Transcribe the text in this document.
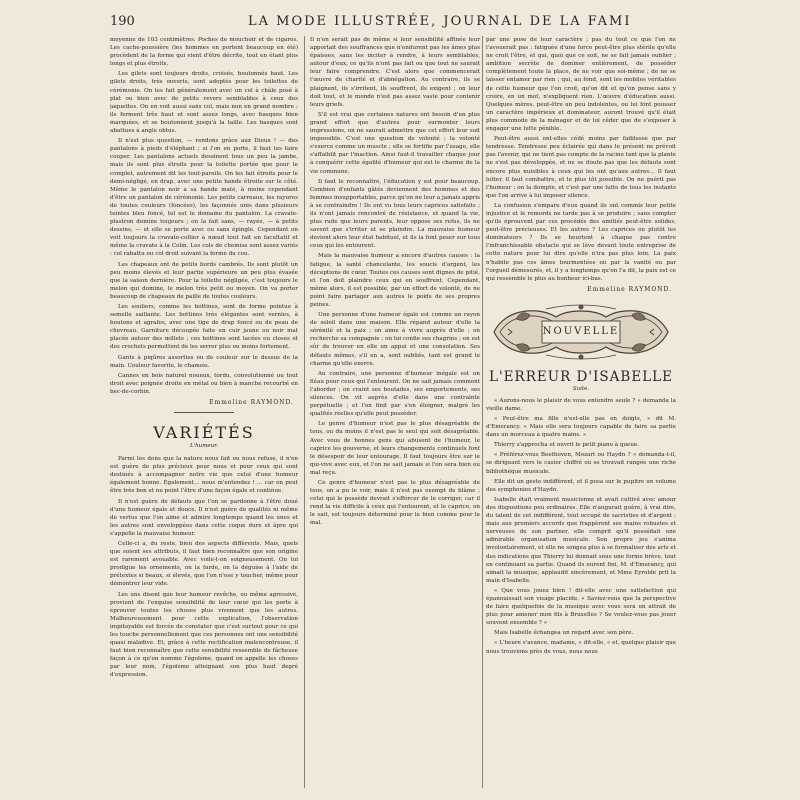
190	LA MODE ILLUSTRÉE, JOURNAL DE LA FAMI

moyenne de 103 centimètres. Poches de mouchoir et de cigares. Les cache-poussière (les hommes en portent beaucoup en été) procèdent de la forme qui vient d'être décrite, tout en étant plus longs et plus étroits.

Les gilets sont toujours droits, croisés, boutonnés haut. Les gilets droits, très ouverts, sont adoptés pour les toilettes de cérémonie. On les fait généralement avec un col à châle posé à plat ou bien avec de petits revers semblables à ceux des jaquettes. On en voit aussi sans col, mais non en grand nombre ; ils ferment très haut et sont assez longs, avec basques bien marquées, et se boutonnent jusqu'à la taille. Les basques sont abattues à angle obtus.

Il n'est plus question, — rendons grâce aux Dieux ! — des pantalons à pieds d'éléphant ; si l'on en porte, il faut les faire couper. Les pantalons actuels dessinent tous un peu la jambe, mais ils sont plus étroits pour la toilette portée que pour le complet, autrement dit les tout-pareils. On les fait étroits pour le demi-négligé, en drap, avec une petite bande étroite sur le côté. Même le pantalon noir a sa bande mate, à moins cependant d'être un pantalon de cérémonie. Les petits carreaux, les rayures de toutes couleurs (foncées), les façonnés unis dans plusieurs teintes bleu foncé, tel est le domaine du pantalon. La cravate-plastron domine toujours ; on la fait sans, — rayée, — à petits dessins, — et elle se porte avec ou sans épingle. Cependant on voit toujours la cravate-collier à nœud tout fait en facultatif et même la cravate à la Colin. Les cols de chemise sont assez variés : col rabattu ou col droit suivant la forme du cou.

Les chapeaux ont de petits bords cambrés. Ils sont plutôt un peu moins élevés et leur partie supérieure un peu plus évasée que la saison dernière. Pour la toilette négligée, c'est toujours le melon qui domine, le melon très petit ou moyen. On va porter beaucoup de chapeaux de paille de toutes couleurs.

Les souliers, comme les bottines, sont de forme pointue à semelle saillante. Les bottines très élégantes sont vernies, à boutons et agrafes, avec une tige de drap foncé ou de peau de chevreau. Garniture découpée faite en cuir jaune ou noir mat placée autour des œillets ; ces bottines sont lacées ou closes et des crochets permettent de les serrer plus ou moins fortement.

Gants à piqûres assorties ou de couleur sur le dessus de la main. Couleur favorite, le chamois.

Cannes en bois naturel noueux, tordu, convolutionné ou tout droit avec poignée droite en métal ou bien à manche recourbé en bec-de-corbin.

Emmeline RAYMOND.
VARIÉTÉS
L'humeur.

Parmi les dons que la nature nous fait ou nous refuse, il n'en est guère de plus précieux pour nous et pour ceux qui sont destinés à accompagner notre vie que celui d'une humeur également bonne. Également… nous m'entendez ! … car on peut être très bon et ne point l'être d'une façon égale et continue.

Il n'est guère de défauts que l'on se pardonne à l'être doué d'une humeur égale et douce. Il n'est guère de qualités ni même de vertus que l'on aime et admire longtemps quand les unes et les autres sont enveloppées dans cette coque dure et âpre qui s'appelle la mauvaise humeur.

Celle-ci a, du reste, bien des aspects différents. Mais, quels que soient ses attributs, il faut bien reconnaître que son origine est rarement avouable. Avec voile-t-on soigneusement. On lui prodigue les ornements, on la farde, on la déguise à l'aide de prétextes si beaux, si élevés, que l'on n'ose y toucher, même pour démontrer leur vide.

Les uns disent que leur humeur revêche, ou même agressive, provient de l'exquise sensibilité de leur cœur qui les porte à éprouver toutes les choses plus vivement que les autres. Malheureusement pour cette explication, l'observation impitoyable est forcée de constater que c'est surtout pour ce qui les touche personnellement que ces personnes ont une sensibilité quasi maladive. Et, grâce à cette rectification malencontreuse, il faut bien reconnaître que cette sensibilité ressemble de fâcheuse façon à ce qu'on nomme l'égoïsme, quand on appelle les choses par leur nom, l'égoïsme atteignant son plus haut degré d'expression.

Il n'en serait pas de même si leur sensibilité affinée leur apportait des souffrances que n'endurent pas les âmes plus épaisses, sans les inciter à rendre, à leurs semblables, autour d'eux, ce qu'ils n'ont pas fait ou que tout ne saurait leur faire comprendre. C'est alors que commencerait l'œuvre de charité et d'abnégation. Au contraire, ils se plaignent, ils s'irritent, ils souffrent, ils exigent ; on leur doit tout, et le monde n'est pas assez vaste pour contenir leurs griefs.

S'il est vrai que certaines natures ont besoin d'un plus grand effort que d'autres pour surmonter leurs impressions, on ne saurait admettre que cet effort leur soit impossible. C'est une question de volonté ; la volonté s'exerce comme un muscle ; elle se fortifie par l'usage, elle s'affaiblit par l'inaction. Ainsi faut-il travailler chaque jour à conquérir cette égalité d'humeur qui est le charme de la vie commune.

Il faut le reconnaître, l'éducation y est pour beaucoup. Combien d'enfants gâtés deviennent des hommes et des femmes insupportables, parce qu'on ne leur a jamais appris à se contraindre ! Ils ont vu tous leurs caprices satisfaits ; ils n'ont jamais rencontré de résistance, et quand la vie, plus rude que leurs parents, leur oppose ses refus, ils ne savent que s'irriter et se plaindre. La mauvaise humeur devient alors leur état habituel, et ils la font peser sur tous ceux qui les entourent.

Mais la mauvaise humeur a encore d'autres causes : la fatigue, la santé chancelante, les soucis d'argent, les déceptions de cœur. Toutes ces causes sont dignes de pitié, et l'on doit plaindre ceux qui en souffrent. Cependant, même alors, il est possible, par un effort de volonté, de ne point faire partager aux autres le poids de ses propres peines.

Une personne d'une humeur égale est comme un rayon de soleil dans une maison. Elle répand autour d'elle la sérénité et la paix ; on aime à vivre auprès d'elle ; on recherche sa compagnie ; on lui confie ses chagrins ; on est sûr de trouver en elle un appui et une consolation. Ses défauts mêmes, s'il en a, sont oubliés, tant est grand le charme qu'elle exerce.

Au contraire, une personne d'humeur inégale est un fléau pour ceux qui l'entourent. On ne sait jamais comment l'aborder ; on craint ses boutades, ses emportements, ses silences. On vit auprès d'elle dans une contrainte perpétuelle ; et l'on finit par s'en éloigner, malgré les qualités réelles qu'elle peut posséder.

Le genre d'humeur n'est pas le plus désagréable de tous, ou du moins il n'est pas le seul qui soit désagréable. Avec vous de bonnes gens qui abusent de l'humeur, le caprice les gouverne, et leurs changements continuels font le désespoir de leur entourage. Il faut toujours être sur le qui-vive avec eux, et l'on ne sait jamais si l'on sera bien ou mal reçu.

Ce genre d'humeur n'est pas le plus désagréable de tous, on a pu le voir, mais il n'est pas exempt de blâme ; celui qui le possède devrait s'efforcer de le corriger, car il rend la vie difficile à ceux qui l'entourent, et le caprice, on le sait, est toujours déterminé pour le bien comme pour le mal.

par une pose de leur caractère ; pas du tout ce que l'on ne l'avouerait pas : fatiguée d'une force peut-être plus stérile qu'elle ne croit l'être, et qui, quoi que ce soit, ne se fait jamais oublier ; ambition secrète de dominer entièrement, de posséder complètement toute la place, de ne voir que soi-même ; de ne se laisser entamer par rien ; qui, au fond, sont les mobiles véritables de cette humeur que l'on croit, qu'on dit et qu'on pense sans y croire, en un mot, n'expliquent rien. L'œuvre d'éducation aussi. Quelques mères, peut-être un peu indolentes, ou lui font pousser un caractère impérieux et dominateur, auront trouvé qu'il était plus commode de la ménager et de lui céder que de s'exposer à engager une lutte pénible.

Peut-être aussi ont-elles cédé moins par faiblesse que par tendresse. Tendresse peu éclairée qui dans le présent ne prévoit pas l'avenir, qui ne tient pas compte de la racine tant que la plante ne s'est pas développée, et ne se doute pas que les défauts sont encore plus nuisibles à ceux qui les ont qu'aux autres… Il faut lutter, il faut combattre, et le plus tôt possible. On ne guérit pas l'humeur ; on la dompte, et c'est par une lutte de tous les instants que l'on arrive à lui imposer silence.

La confusion s'empare d'eux quand ils ont commis leur petite injustice et le remords ne tarde pas à se produire ; sans compter qu'ils éprouvent par ces procédés des amitiés peut-être solides, peut-être précieuses. Et les autres ? Les caprices ou plutôt les dominateurs ? Ils se heurtent à chaque pas contre l'infranchissable obstacle qui se lève devant toute entreprise de cette nature pour lui dire qu'elle n'ira pas plus loin. La paix n'habite pas ces âmes tourmentées ou par la vanité ou par l'orgueil démesurés, et, il y a longtemps qu'on l'a dit, la paix est ce qui ressemble le plus au bonheur ici-bas.

Emmeline RAYMOND.
NOUVELLE
L'ERREUR D'ISABELLE
Suite.

« Aurons-nous le plaisir de vous entendre seule ? » demanda la vieille dame.

« Peut-être ma fille n'est-elle pas en doigts, » dit M. d'Emerancy. « Mais elle sera toujours capable de faire sa partie dans un morceau à quatre mains. »

Thierry s'approcha et ouvrit le petit piano à queue.

« Préférez-vous Beethoven, Mozart ou Haydn ? » demanda-t-il, se dirigeant vers le casier chiffré où se trouvait rangée une riche bibliothèque musicale.

Elle dit un geste indifférent, et il posa sur le pupitre un volume des symphonies d'Haydn.

Isabelle était vraiment musicienne et avait cultivé avec amour des dispositions peu ordinaires. Elle n'augurait guère, à vrai dire, du talent de cet indifférent, tout occupé de sacristies et d'argent ; mais aux premiers accords que frappèrent ses mains robustes et nerveuses de son partner, elle comprit qu'il possédait une admirable organisation musicale. Son propre jeu s'anima involontairement, et elle ne songea plus à se formaliser des arts et des indications que Thierry lui donnait sous une forme brève, tout en continuant sa partie. Quand ils eurent fini, M. d'Emerancy, qui aimait la musique, applaudit sincèrement, et Mme Eyrolde prit la main d'Isabelle.

« Que vous jouez bien ! dit-elle avec une satisfaction qui épanouissait son visage placide. « Saviez-vous que la perspective de faire quelquefois de la musique avec vous sera un attrait de plus pour amener mon fils à Bruxelles ? Se voulez-vous pas jouer souvent ensemble ? »

Mais Isabelle échangea un regard avec son père.

« L'heure s'avance, madame, » dit-elle, « et, quelque plaisir que nous trouvions près de vous, nous nous
